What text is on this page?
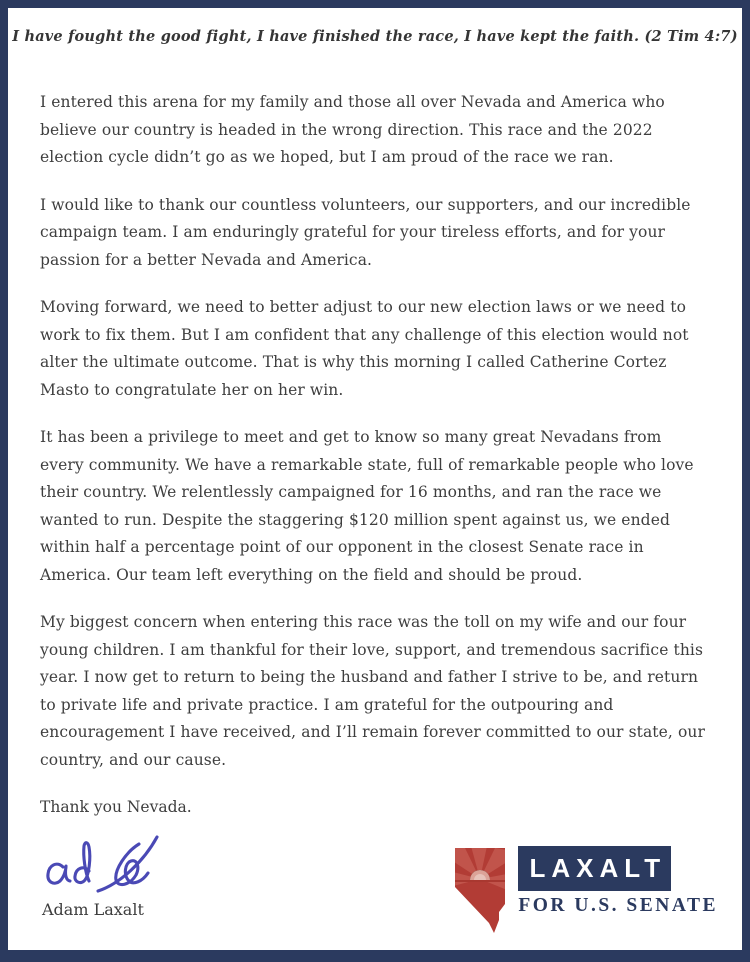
I have fought the good fight, I have finished the race, I have kept the faith. (2 Tim 4:7)

I entered this arena for my family and those all over Nevada and America who believe our country is headed in the wrong direction. This race and the 2022 election cycle didn’t go as we hoped, but I am proud of the race we ran.

I would like to thank our countless volunteers, our supporters, and our incredible campaign team. I am enduringly grateful for your tireless efforts, and for your passion for a better Nevada and America.

Moving forward, we need to better adjust to our new election laws or we need to work to fix them. But I am confident that any challenge of this election would not alter the ultimate outcome. That is why this morning I called Catherine Cortez Masto to congratulate her on her win.

It has been a privilege to meet and get to know so many great Nevadans from every community. We have a remarkable state, full of remarkable people who love their country. We relentlessly campaigned for 16 months, and ran the race we wanted to run. Despite the staggering $120 million spent against us, we ended within half a percentage point of our opponent in the closest Senate race in America. Our team left everything on the field and should be proud.

My biggest concern when entering this race was the toll on my wife and our four young children. I am thankful for their love, support, and tremendous sacrifice this year. I now get to return to being the husband and father I strive to be, and return to private life and private practice. I am grateful for the outpouring and encouragement I have received, and I’ll remain forever committed to our state, our country, and our cause.

Thank you Nevada.
Adam Laxalt
LAXALT
FOR U.S. SENATE
